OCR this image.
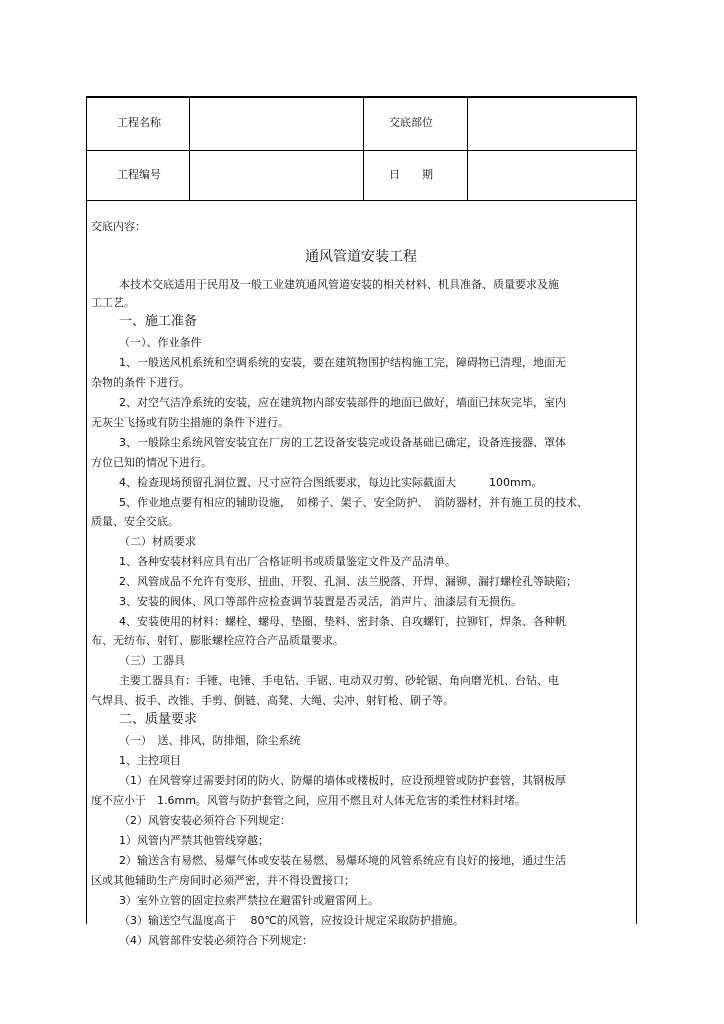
工程名称	交底部位
工程编号	日　　期
交底内容：
通风管道安装工程
本技术交底适用于民用及一般工业建筑通风管道安装的相关材料、机具准备、质量要求及施
工工艺。
一、施工准备
（一）、作业条件
1、一般送风机系统和空调系统的安装，要在建筑物围护结构施工完，障碍物已清理，地面无
杂物的条件下进行。
2、对空气洁净系统的安装，应在建筑物内部安装部件的地面已做好，墙面已抹灰完毕，室内
无灰尘飞扬或有防尘措施的条件下进行。
3、一般除尘系统风管安装宜在厂房的工艺设备安装完或设备基础已确定，设备连接器、罩体
方位已知的情况下进行。
4、检查现场预留孔洞位置、尺寸应符合图纸要求，每边比实际截面大　　　100mm。
5、作业地点要有相应的辅助设施，　如梯子、架子、安全防护、　消防器材，并有施工员的技术、
质量、安全交底。
（二）材质要求
1、各种安装材料应具有出厂合格证明书或质量鉴定文件及产品清单。
2、风管成品不允许有变形、扭曲、开裂、孔洞、法兰脱落、开焊、漏铆、漏打螺栓孔等缺陷；
3、安装的阀体、风口等部件应检查调节装置是否灵活，消声片、油漆层有无损伤。
4、安装使用的材料：螺栓、螺母、垫圈、垫料、密封条、自攻螺钉，拉铆钉，焊条、各种帆
布、无纺布、射钉、膨胀螺栓应符合产品质量要求。
（三）工器具
主要工器具有：手锤、电锤、手电钻、手锯、电动双刃剪、砂轮锯、角向磨光机、台钻、电
气焊具、扳手、改锥、手剪、倒链、高凳、大绳、尖冲、射钉枪、刷子等。
二、质量要求
（一）　送、排风，防排烟，除尘系统
1、主控项目
（1）在风管穿过需要封闭的防火、防爆的墙体或楼板时，应设预埋管或防护套管，其钢板厚
度不应小于　1.6mm。风管与防护套管之间，应用不燃且对人体无危害的柔性材料封堵。
（2）风管安装必须符合下列规定：
1）风管内严禁其他管线穿越；
2）输送含有易燃、易爆气体或安装在易燃、易爆环境的风管系统应有良好的接地，通过生活
区或其他辅助生产房间时必须严密，并不得设置接口；
3）室外立管的固定拉索严禁拉在避雷针或避雷网上。
（3）输送空气温度高于　 80℃的风管，应按设计规定采取防护措施。
（4）风管部件安装必须符合下列规定：
